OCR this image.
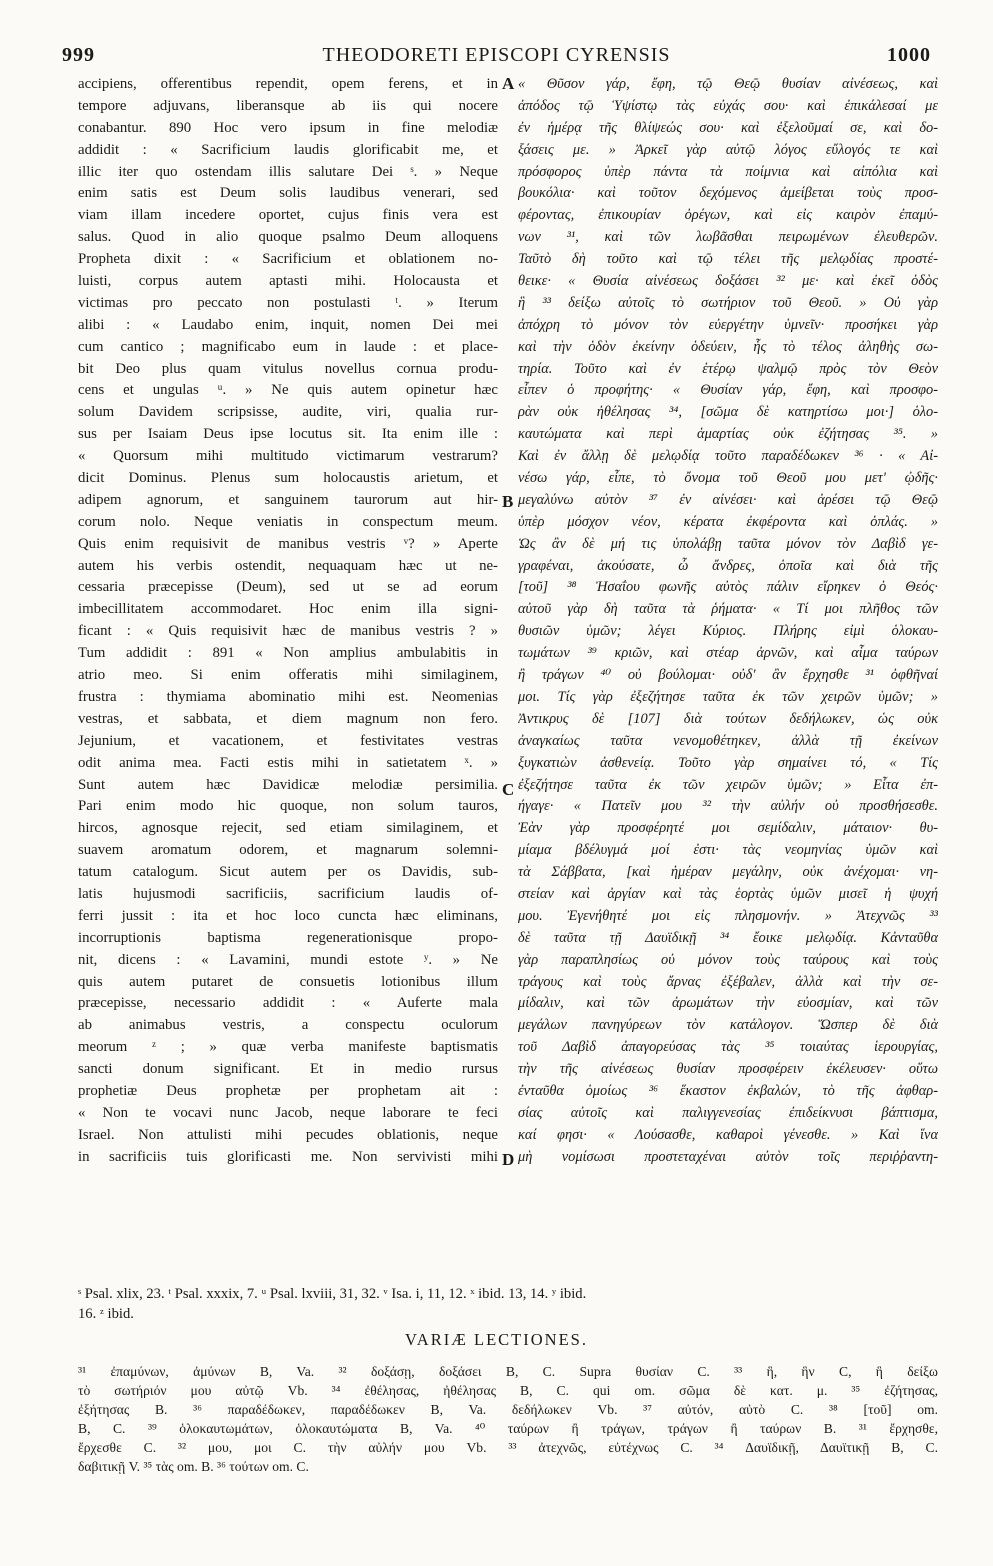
999	THEODORETI EPISCOPI CYRENSIS	1000
accipiens, offerentibus rependit, opem ferens, et in
tempore adjuvans, liberansque ab iis qui nocere
conabantur. 890 Hoc vero ipsum in fine melodiæ
addidit : « Sacrificium laudis glorificabit me, et
illic iter quo ostendam illis salutare Dei ˢ. » Neque
enim satis est Deum solis laudibus venerari, sed
viam illam incedere oportet, cujus finis vera est
salus. Quod in alio quoque psalmo Deum alloquens
Propheta dixit : « Sacrificium et oblationem no-
luisti, corpus autem aptasti mihi. Holocausta et
victimas pro peccato non postulasti ᵗ. » Iterum
alibi : « Laudabo enim, inquit, nomen Dei mei
cum cantico ; magnificabo eum in laude : et place-
bit Deo plus quam vitulus novellus cornua produ-
cens et ungulas ᵘ. » Ne quis autem opinetur hæc
solum Davidem scripsisse, audite, viri, qualia rur-
sus per Isaiam Deus ipse locutus sit. Ita enim ille :
« Quorsum mihi multitudo victimarum vestrarum?
dicit Dominus. Plenus sum holocaustis arietum, et
adipem agnorum, et sanguinem taurorum aut hir-
corum nolo. Neque veniatis in conspectum meum.
Quis enim requisivit de manibus vestris ᵛ? » Aperte
autem his verbis ostendit, nequaquam hæc ut ne-
cessaria præcepisse (Deum), sed ut se ad eorum
imbecillitatem accommodaret. Hoc enim illa signi-
ficant : « Quis requisivit hæc de manibus vestris ? »
Tum addidit : 891 « Non amplius ambulabitis in
atrio meo. Si enim offeratis mihi similaginem,
frustra : thymiama abominatio mihi est. Neomenias
vestras, et sabbata, et diem magnum non fero.
Jejunium, et vacationem, et festivitates vestras
odit anima mea. Facti estis mihi in satietatem ˣ. »
Sunt autem hæc Davidicæ melodiæ persimilia.
Pari enim modo hic quoque, non solum tauros,
hircos, agnosque rejecit, sed etiam similaginem, et
suavem aromatum odorem, et magnarum solemni-
tatum catalogum. Sicut autem per os Davidis, sub-
latis hujusmodi sacrificiis, sacrificium laudis of-
ferri jussit : ita et hoc loco cuncta hæc eliminans,
incorruptionis baptisma regenerationisque propo-
nit, dicens : « Lavamini, mundi estote ʸ. » Ne
quis autem putaret de consuetis lotionibus illum
præcepisse, necessario addidit : « Auferte mala
ab animabus vestris, a conspectu oculorum
meorum ᶻ ; » quæ verba manifeste baptismatis
sancti donum significant. Et in medio rursus
prophetiæ Deus prophetæ per prophetam ait :
« Non te vocavi nunc Jacob, neque laborare te feci
Israel. Non attulisti mihi pecudes oblationis, neque
in sacrificiis tuis glorificasti me. Non servivisti mihi
« Θῦσον γάρ, ἔφη, τῷ Θεῷ θυσίαν αἰνέσεως, καὶ
ἀπόδος τῷ Ὑψίστῳ τὰς εὐχάς σου· καὶ ἐπικάλεσαί με
ἐν ἡμέρᾳ τῆς θλίψεώς σου· καὶ ἐξελοῦμαί σε, καὶ δο-
ξάσεις με. » Ἀρκεῖ γὰρ αὐτῷ λόγος εὔλογός τε καὶ
πρόσφορος ὑπὲρ πάντα τὰ ποίμνια καὶ αἰπόλια καὶ
βουκόλια· καὶ τοῦτον δεχόμενος ἀμείβεται τοὺς προσ-
φέροντας, ἐπικουρίαν ὀρέγων, καὶ εἰς καιρὸν ἐπαμύ-
νων ³¹, καὶ τῶν λωβᾶσθαι πειρωμένων ἐλευθερῶν.
Ταῦτὸ δὴ τοῦτο καὶ τῷ τέλει τῆς μελῳδίας προστέ-
θεικε· « Θυσία αἰνέσεως δοξάσει ³² με· καὶ ἐκεῖ ὁδὸς
ἣ ³³ δείξω αὐτοῖς τὸ σωτήριον τοῦ Θεοῦ. » Οὐ γὰρ
ἀπόχρη τὸ μόνον τὸν εὐεργέτην ὑμνεῖν· προσήκει γὰρ
καὶ τὴν ὁδὸν ἐκείνην ὁδεύειν, ἧς τὸ τέλος ἀληθὴς σω-
τηρία. Τοῦτο καὶ ἐν ἑτέρῳ ψαλμῷ πρὸς τὸν Θεὸν
εἶπεν ὁ προφήτης· « Θυσίαν γάρ, ἔφη, καὶ προσφο-
ρὰν οὐκ ἠθέλησας ³⁴, [σῶμα δὲ κατηρτίσω μοι·] ὁλο-
καυτώματα καὶ περὶ ἁμαρτίας οὐκ ἐζήτησας ³⁵. »
Καὶ ἐν ἄλλῃ δὲ μελῳδίᾳ τοῦτο παραδέδωκεν ³⁶ · « Αἰ-
νέσω γάρ, εἶπε, τὸ ὄνομα τοῦ Θεοῦ μου μετ' ᾠδῆς·
μεγαλύνω αὐτὸν ³⁷ ἐν αἰνέσει· καὶ ἀρέσει τῷ Θεῷ
ὑπὲρ μόσχον νέον, κέρατα ἐκφέροντα καὶ ὁπλάς. »
Ὡς ἂν δὲ μή τις ὑπολάβῃ ταῦτα μόνον τὸν Δαβὶδ γε-
γραφέναι, ἀκούσατε, ὦ ἄνδρες, ὁποῖα καὶ διὰ τῆς
[τοῦ] ³⁸ Ἠσαΐου φωνῆς αὐτὸς πάλιν εἴρηκεν ὁ Θεός·
αὐτοῦ γὰρ δὴ ταῦτα τὰ ῥήματα· « Τί μοι πλῆθος τῶν
θυσιῶν ὑμῶν; λέγει Κύριος. Πλήρης εἰμὶ ὁλοκαυ-
τωμάτων ³⁹ κριῶν, καὶ στέαρ ἀρνῶν, καὶ αἷμα ταύρων
ἢ τράγων ⁴⁰ οὐ βούλομαι· οὐδ' ἂν ἔρχησθε ³¹ ὀφθῆναί
μοι. Τίς γὰρ ἐξεζήτησε ταῦτα ἐκ τῶν χειρῶν ὑμῶν; »
Ἀντικρυς δὲ [107] διὰ τούτων δεδήλωκεν, ὡς οὐκ
ἀναγκαίως ταῦτα νενομοθέτηκεν, ἀλλὰ τῇ ἐκείνων
ξυγκατιὼν ἀσθενείᾳ. Τοῦτο γὰρ σημαίνει τό, « Τίς
ἐξεζήτησε ταῦτα ἐκ τῶν χειρῶν ὑμῶν; » Εἶτα ἐπ-
ήγαγε· « Πατεῖν μου ³² τὴν αὐλήν οὐ προσθήσεσθε.
Ἐὰν γὰρ προσφέρητέ μοι σεμίδαλιν, μάταιον· θυ-
μίαμα βδέλυγμά μοί ἐστι· τὰς νεομηνίας ὑμῶν καὶ
τὰ Σάββατα, [καὶ ἡμέραν μεγάλην, οὐκ ἀνέχομαι· νη-
στείαν καὶ ἀργίαν καὶ τὰς ἑορτὰς ὑμῶν μισεῖ ἡ ψυχή
μου. Ἐγενήθητέ μοι εἰς πλησμονήν. » Ἀτεχνῶς ³³
δὲ ταῦτα τῇ Δαυϊδικῇ ³⁴ ἔοικε μελῳδίᾳ. Κἀνταῦθα
γὰρ παραπλησίως οὐ μόνον τοὺς ταύρους καὶ τοὺς
τράγους καὶ τοὺς ἄρνας ἐξέβαλεν, ἀλλὰ καὶ τὴν σε-
μίδαλιν, καὶ τῶν ἀρωμάτων τὴν εὐοσμίαν, καὶ τῶν
μεγάλων πανηγύρεων τὸν κατάλογον. Ὥσπερ δὲ διὰ
τοῦ Δαβὶδ ἀπαγορεύσας τὰς ³⁵ τοιαύτας ἱερουργίας,
τὴν τῆς αἰνέσεως θυσίαν προσφέρειν ἐκέλευσεν· οὕτω
ἐνταῦθα ὁμοίως ³⁶ ἕκαστον ἐκβαλών, τὸ τῆς ἀφθαρ-
σίας αὐτοῖς καὶ παλιγγενεσίας ἐπιδείκνυσι βάπτισμα,
καί φησι· « Λούσασθε, καθαροὶ γένεσθε. » Καὶ ἵνα
μὴ νομίσωσι προστεταχέναι αὐτὸν τοῖς περιῤῥαντη-
A
B
C
D
ˢ Psal. xlix, 23. ᵗ Psal. xxxix, 7. ᵘ Psal. lxviii, 31, 32. ᵛ Isa. i, 11, 12. ˣ ibid. 13, 14. ʸ ibid.
16. ᶻ ibid.
VARIÆ LECTIONES.
³¹ ἐπαμύνων, ἀμύνων B, Va. ³² δοξάσῃ, δοξάσει B, C. Supra θυσίαν C. ³³ ἣ, ἣν C, ἣ δείξω
τὸ σωτήριόν μου αὐτῷ Vb. ³⁴ ἐθέλησας, ἠθέλησας B, C. qui om. σῶμα δὲ κατ. μ. ³⁵ ἐζήτησας,
ἐξήτησας B. ³⁶ παραδέδωκεν, παραδέδωκεν B, Va. δεδήλωκεν Vb. ³⁷ αὐτόν, αὐτὸ C. ³⁸ [τοῦ] om.
B, C. ³⁹ ὁλοκαυτωμάτων, ὁλοκαυτώματα B, Va. ⁴⁰ ταύρων ἢ τράγων, τράγων ἢ ταύρων B. ³¹ ἔρχησθε,
ἔρχεσθε C. ³² μου, μοι C. τὴν αὐλήν μου Vb. ³³ ἀτεχνῶς, εὐτέχνως C. ³⁴ Δαυϊδικῇ, Δαυϊτικῇ B, C.
δαβιτικῇ V. ³⁵ τὰς om. B. ³⁶ τούτων om. C.
